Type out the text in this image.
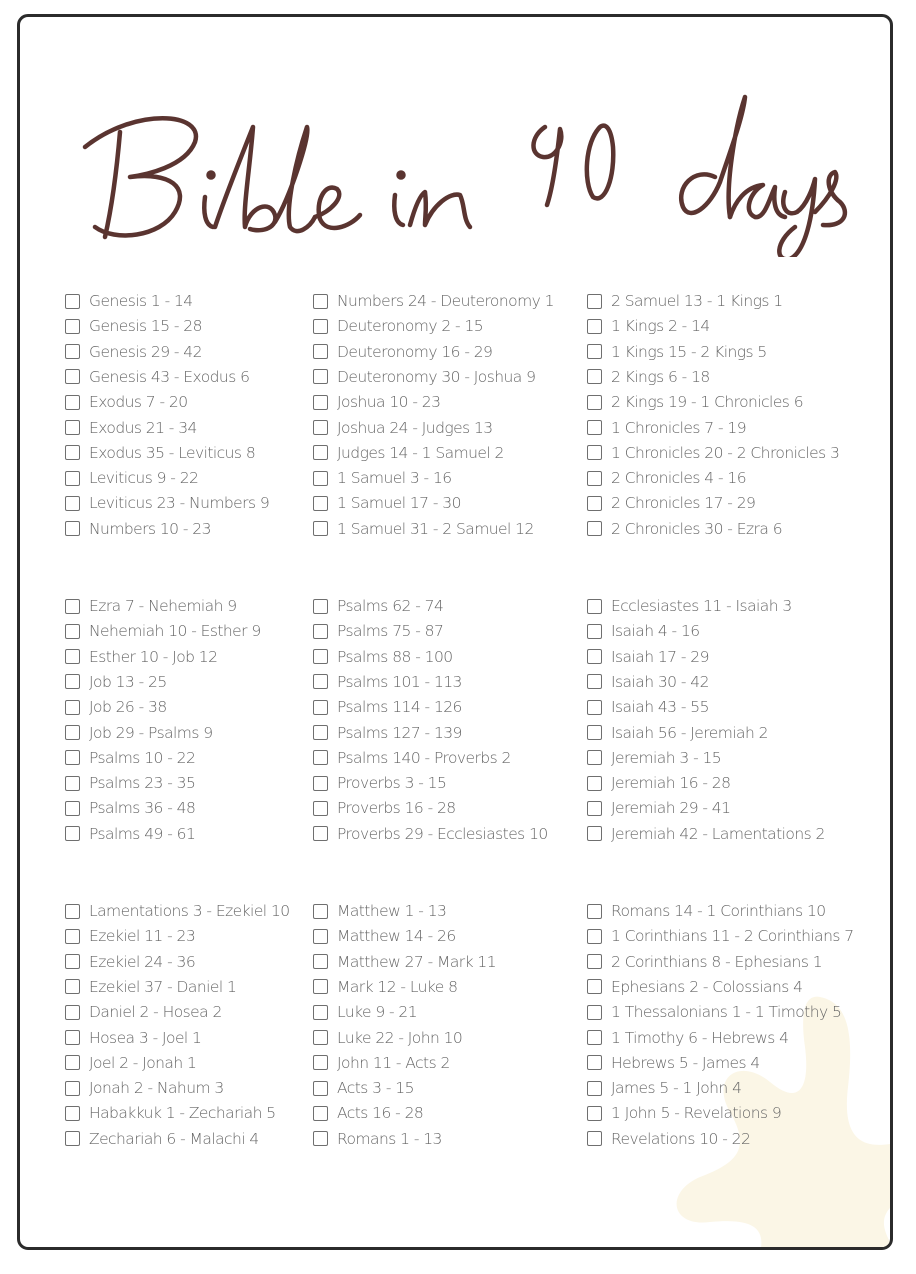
Genesis 1 - 14
Genesis 15 - 28
Genesis 29 - 42
Genesis 43 - Exodus 6
Exodus 7 - 20
Exodus 21 - 34
Exodus 35 - Leviticus 8
Leviticus 9 - 22
Leviticus 23 - Numbers 9
Numbers 10 - 23
Numbers 24 - Deuteronomy 1
Deuteronomy 2 - 15
Deuteronomy 16 - 29
Deuteronomy 30 - Joshua 9
Joshua 10 - 23
Joshua 24 - Judges 13
Judges 14 - 1 Samuel 2
1 Samuel 3 - 16
1 Samuel 17 - 30
1 Samuel 31 - 2 Samuel 12
2 Samuel 13 - 1 Kings 1
1 Kings 2 - 14
1 Kings 15 - 2 Kings 5
2 Kings 6 - 18
2 Kings 19 - 1 Chronicles 6
1 Chronicles 7 - 19
1 Chronicles 20 - 2 Chronicles 3
2 Chronicles 4 - 16
2 Chronicles 17 - 29
2 Chronicles 30 - Ezra 6
Ezra 7 - Nehemiah 9
Nehemiah 10 - Esther 9
Esther 10 - Job 12
Job 13 - 25
Job 26 - 38
Job 29 - Psalms 9
Psalms 10 - 22
Psalms 23 - 35
Psalms 36 - 48
Psalms 49 - 61
Psalms 62 - 74
Psalms 75 - 87
Psalms 88 - 100
Psalms 101 - 113
Psalms 114 - 126
Psalms 127 - 139
Psalms 140 - Proverbs 2
Proverbs 3 - 15
Proverbs 16 - 28
Proverbs 29 - Ecclesiastes 10
Ecclesiastes 11 - Isaiah 3
Isaiah 4 - 16
Isaiah 17 - 29
Isaiah 30 - 42
Isaiah 43 - 55
Isaiah 56 - Jeremiah 2
Jeremiah 3 - 15
Jeremiah 16 - 28
Jeremiah 29 - 41
Jeremiah 42 - Lamentations 2
Lamentations 3 - Ezekiel 10
Ezekiel 11 - 23
Ezekiel 24 - 36
Ezekiel 37 - Daniel 1
Daniel 2 - Hosea 2
Hosea 3 - Joel 1
Joel 2 - Jonah 1
Jonah 2 - Nahum 3
Habakkuk 1 - Zechariah 5
Zechariah 6 - Malachi 4
Matthew 1 - 13
Matthew 14 - 26
Matthew 27 - Mark 11
Mark 12 - Luke 8
Luke 9 - 21
Luke 22 - John 10
John 11 - Acts 2
Acts 3 - 15
Acts 16 - 28
Romans 1 - 13
Romans 14 - 1 Corinthians 10
1 Corinthians 11 - 2 Corinthians 7
2 Corinthians 8 - Ephesians 1
Ephesians 2 - Colossians 4
1 Thessalonians 1 - 1 Timothy 5
1 Timothy 6 - Hebrews 4
Hebrews 5 - James 4
James 5 - 1 John 4
1 John 5 - Revelations 9
Revelations 10 - 22
